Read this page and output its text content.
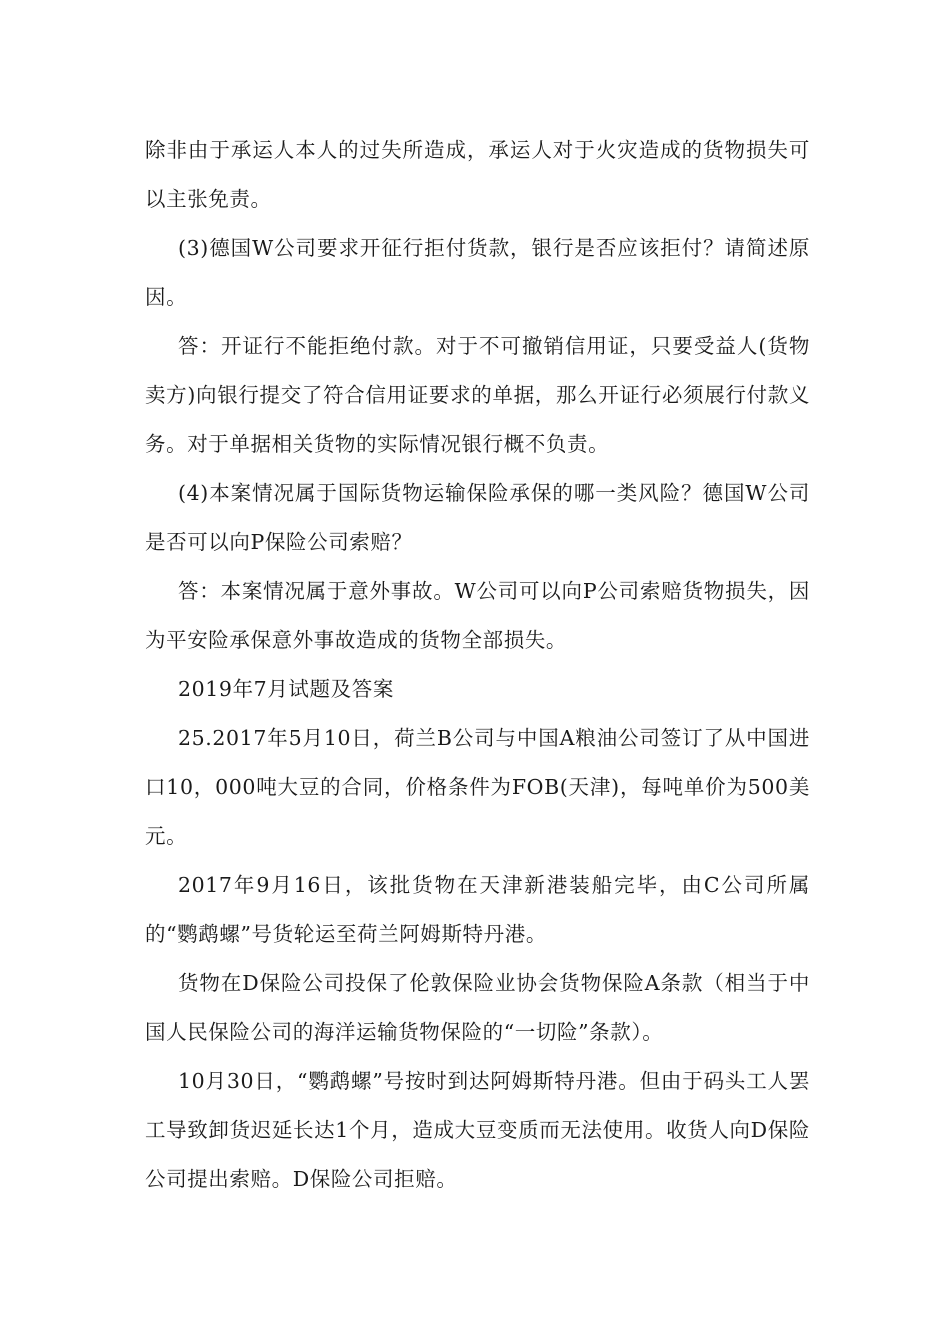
除非由于承运人本人的过失所造成，承运人对于火灾造成的货物损失可以主张免责。

(3)德国W公司要求开征行拒付货款，银行是否应该拒付？请简述原因。

答：开证行不能拒绝付款。对于不可撤销信用证，只要受益人(货物卖方)向银行提交了符合信用证要求的单据，那么开证行必须展行付款义务。对于单据相关货物的实际情况银行概不负责。

(4)本案情况属于国际货物运输保险承保的哪一类风险？德国W公司是否可以向P保险公司索赔？

答：本案情况属于意外事故。W公司可以向P公司索赔货物损失，因为平安险承保意外事故造成的货物全部损失。

2019年7月试题及答案

25.2017年5月10日，荷兰B公司与中国A粮油公司签订了从中国进口10，000吨大豆的合同，价格条件为FOB(天津)，每吨单价为500美元。

2017年9月16日，该批货物在天津新港装船完毕，由C公司所属的“鹦鹉螺”号货轮运至荷兰阿姆斯特丹港。

货物在D保险公司投保了伦敦保险业协会货物保险A条款（相当于中国人民保险公司的海洋运输货物保险的“一切险”条款）。

10月30日，“鹦鹉螺”号按时到达阿姆斯特丹港。但由于码头工人罢工导致卸货迟延长达1个月，造成大豆变质而无法使用。收货人向D保险公司提出索赔。D保险公司拒赔。
